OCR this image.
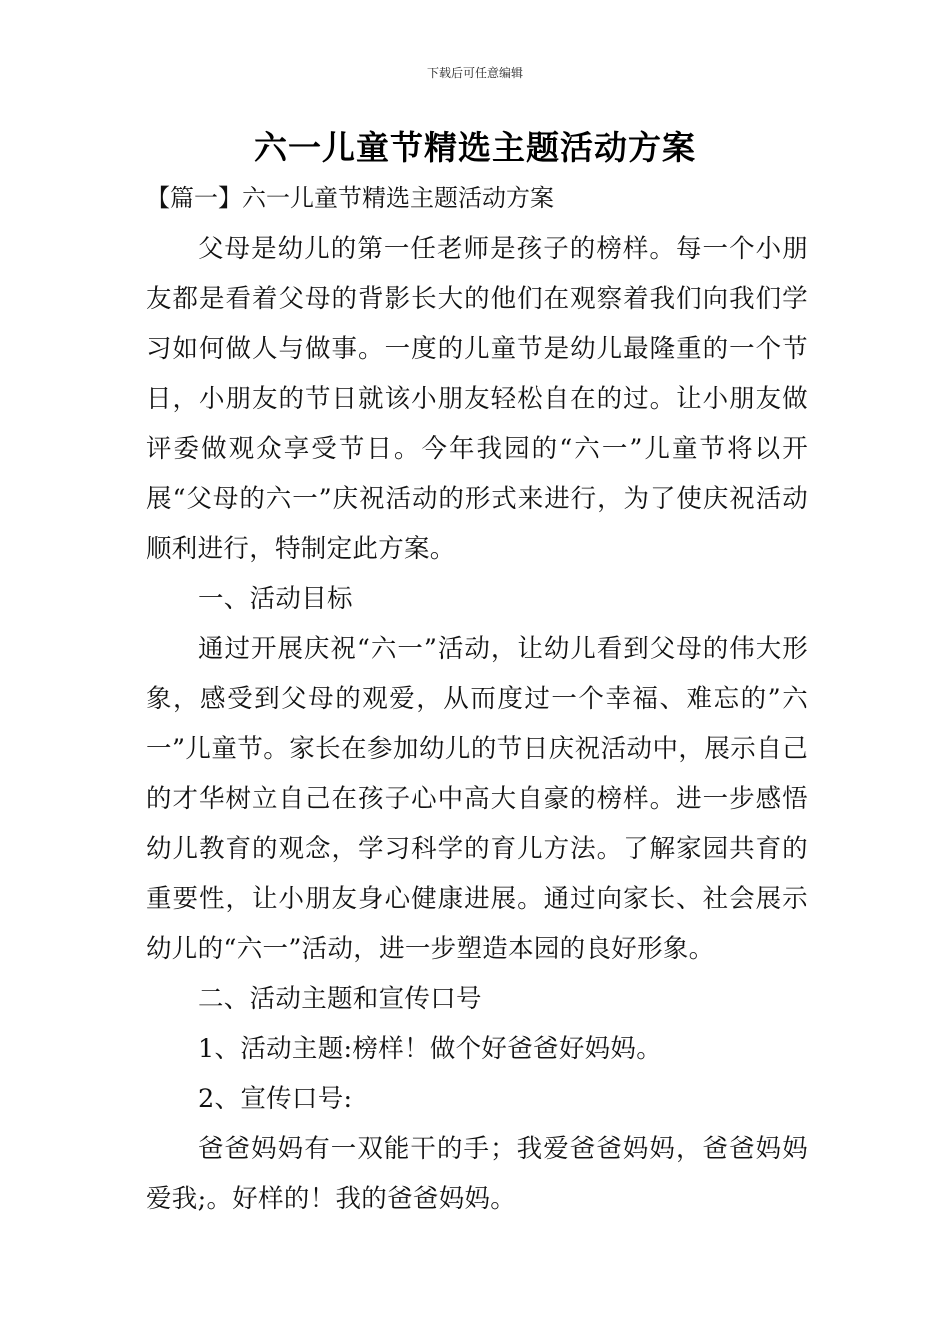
下载后可任意编辑
六一儿童节精选主题活动方案
【篇一】六一儿童节精选主题活动方案

父母是幼儿的第一任老师是孩子的榜样。每一个小朋友都是看着父母的背影长大的他们在观察着我们向我们学习如何做人与做事。一度的儿童节是幼儿最隆重的一个节日，小朋友的节日就该小朋友轻松自在的过。让小朋友做评委做观众享受节日。今年我园的“六一”儿童节将以开展“父母的六一”庆祝活动的形式来进行，为了使庆祝活动顺利进行，特制定此方案。

一、活动目标

通过开展庆祝“六一”活动，让幼儿看到父母的伟大形象，感受到父母的观爱，从而度过一个幸福、难忘的”六一”儿童节。家长在参加幼儿的节日庆祝活动中，展示自己的才华树立自己在孩子心中高大自豪的榜样。进一步感悟幼儿教育的观念，学习科学的育儿方法。了解家园共育的重要性，让小朋友身心健康进展。通过向家长、社会展示幼儿的“六一”活动，进一步塑造本园的良好形象。

二、活动主题和宣传口号

1、活动主题:榜样！做个好爸爸好妈妈。

2、宣传口号:

爸爸妈妈有一双能干的手；我爱爸爸妈妈，爸爸妈妈爱我;。好样的！我的爸爸妈妈。
